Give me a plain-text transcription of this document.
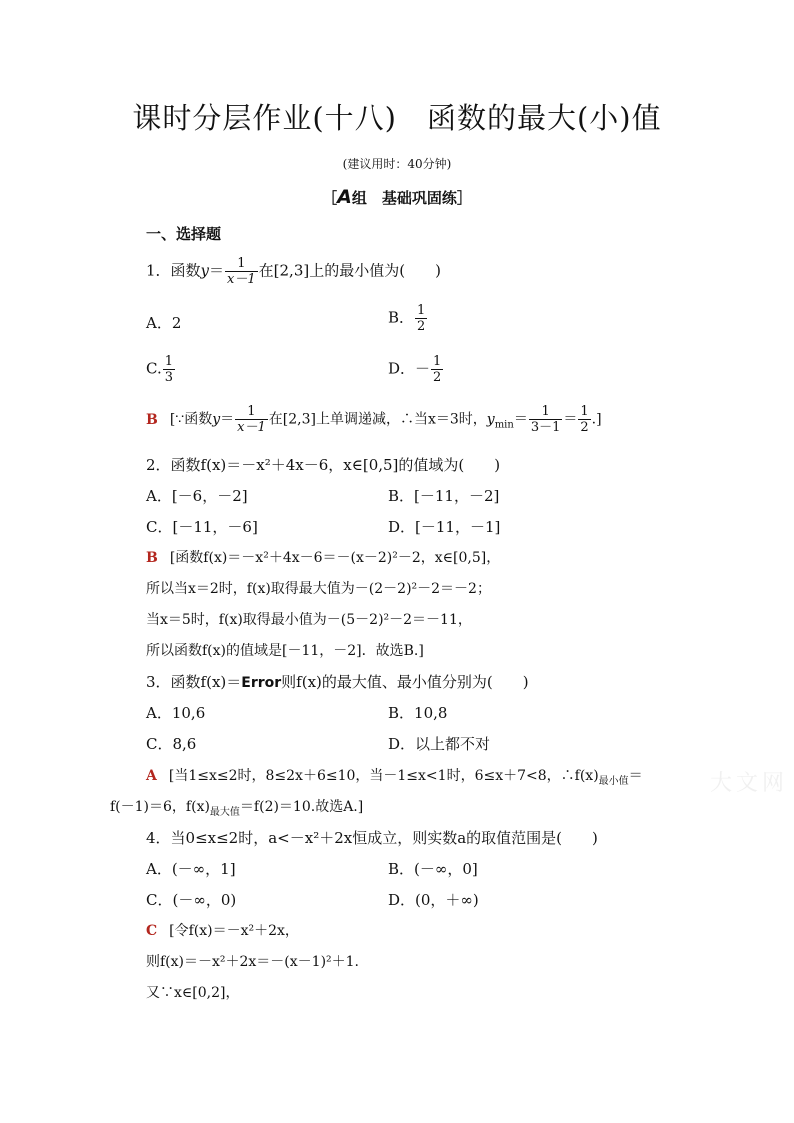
课时分层作业(十八)　函数的最大(小)值
(建议用时：40分钟)
［A组　基础巩固练］
一、选择题
1．函数$y= \frac{1}{x-1}$ 在[2,3]上的最小值为(　　)
A．2	B． $\frac{1}{2}$
C. $\frac{1}{3}$	D．－ $\frac{1}{2}$
B [∵函数$y= \frac{1}{x-1}$ 在[2,3]上单调递减，∴当x＝3时，$y_{min}= \frac{1}{3-1} = \frac{1}{2}$ .]
2．函数f(x)＝－x²＋4x－6，x∈[0,5]的值域为(　　)
A．[－6，－2]	B．[－11，－2]
C．[－11，－6]	D．[－11，－1]
B [函数f(x)＝－x²＋4x－6＝－(x－2)²－2，x∈[0,5]，
所以当x＝2时，f(x)取得最大值为－(2－2)²－2＝－2；
当x＝5时，f(x)取得最小值为－(5－2)²－2＝－11，
所以函数f(x)的值域是[－11，－2]．故选B.]
3．函数f(x)＝Error则f(x)的最大值、最小值分别为(　　)
A．10,6	B．10,8
C．8,6	D．以上都不对
A [当1≤x≤2时，8≤2x＋6≤10，当－1≤x<1时，6≤x＋7<8，$\therefore f(x)_{最小值}=$	大文网
f(－1)＝6，$f(x)_{最大值}=f(2)=10$.故选A.]
4．当0≤x≤2时，a<－x²＋2x恒成立，则实数a的取值范围是(　　)
A．(－∞，1]	B．(－∞，0]
C．(－∞，0)	D．(0，＋∞)
C [令f(x)＝－x²＋2x，
则f(x)＝－x²＋2x＝－(x－1)²＋1.
又∵x∈[0,2]，
